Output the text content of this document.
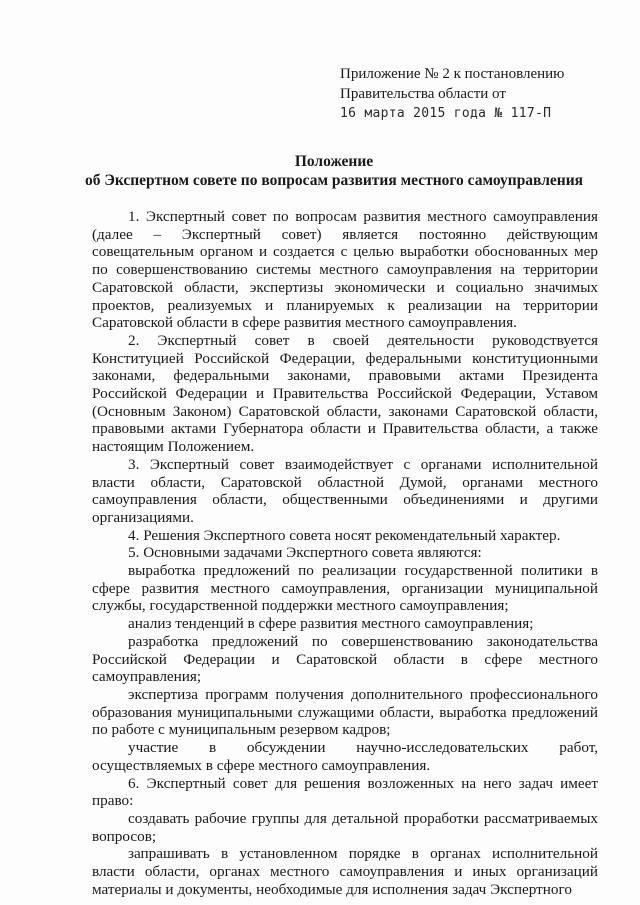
Приложение № 2 к постановлению
Правительства области от
16 марта 2015 года № 117-П
Положение
об Экспертном совете по вопросам развития местного самоуправления

1. Экспертный совет по вопросам развития местного самоуправления (далее – Экспертный совет) является постоянно действующим совещательным органом и создается с целью выработки обоснованных мер по совершенствованию системы местного самоуправления на территории Саратовской области, экспертизы экономически и социально значимых проектов, реализуемых и планируемых к реализации на территории Саратовской области в сфере развития местного самоуправления.

2. Экспертный совет в своей деятельности руководствуется Конституцией Российской Федерации, федеральными конституционными законами, федеральными законами, правовыми актами Президента Российской Федерации и Правительства Российской Федерации, Уставом (Основным Законом) Саратовской области, законами Саратовской области, правовыми актами Губернатора области и Правительства области, а также настоящим Положением.

3. Экспертный совет взаимодействует с органами исполнительной власти области, Саратовской областной Думой, органами местного самоуправления области, общественными объединениями и другими организациями.

4. Решения Экспертного совета носят рекомендательный характер.

5. Основными задачами Экспертного совета являются:

выработка предложений по реализации государственной политики в сфере развития местного самоуправления, организации муниципальной службы, государственной поддержки местного самоуправления;

анализ тенденций в сфере развития местного самоуправления;

разработка предложений по совершенствованию законодательства Российской Федерации и Саратовской области в сфере местного самоуправления;

экспертиза программ получения дополнительного профессионального образования муниципальными служащими области, выработка предложений по работе с муниципальным резервом кадров;

участие в обсуждении научно-исследовательских работ, осуществляемых в сфере местного самоуправления.

6. Экспертный совет для решения возложенных на него задач имеет право:

создавать рабочие группы для детальной проработки рассматриваемых вопросов;

запрашивать в установленном порядке в органах исполнительной власти области, органах местного самоуправления и иных организаций материалы и документы, необходимые для исполнения задач Экспертного
